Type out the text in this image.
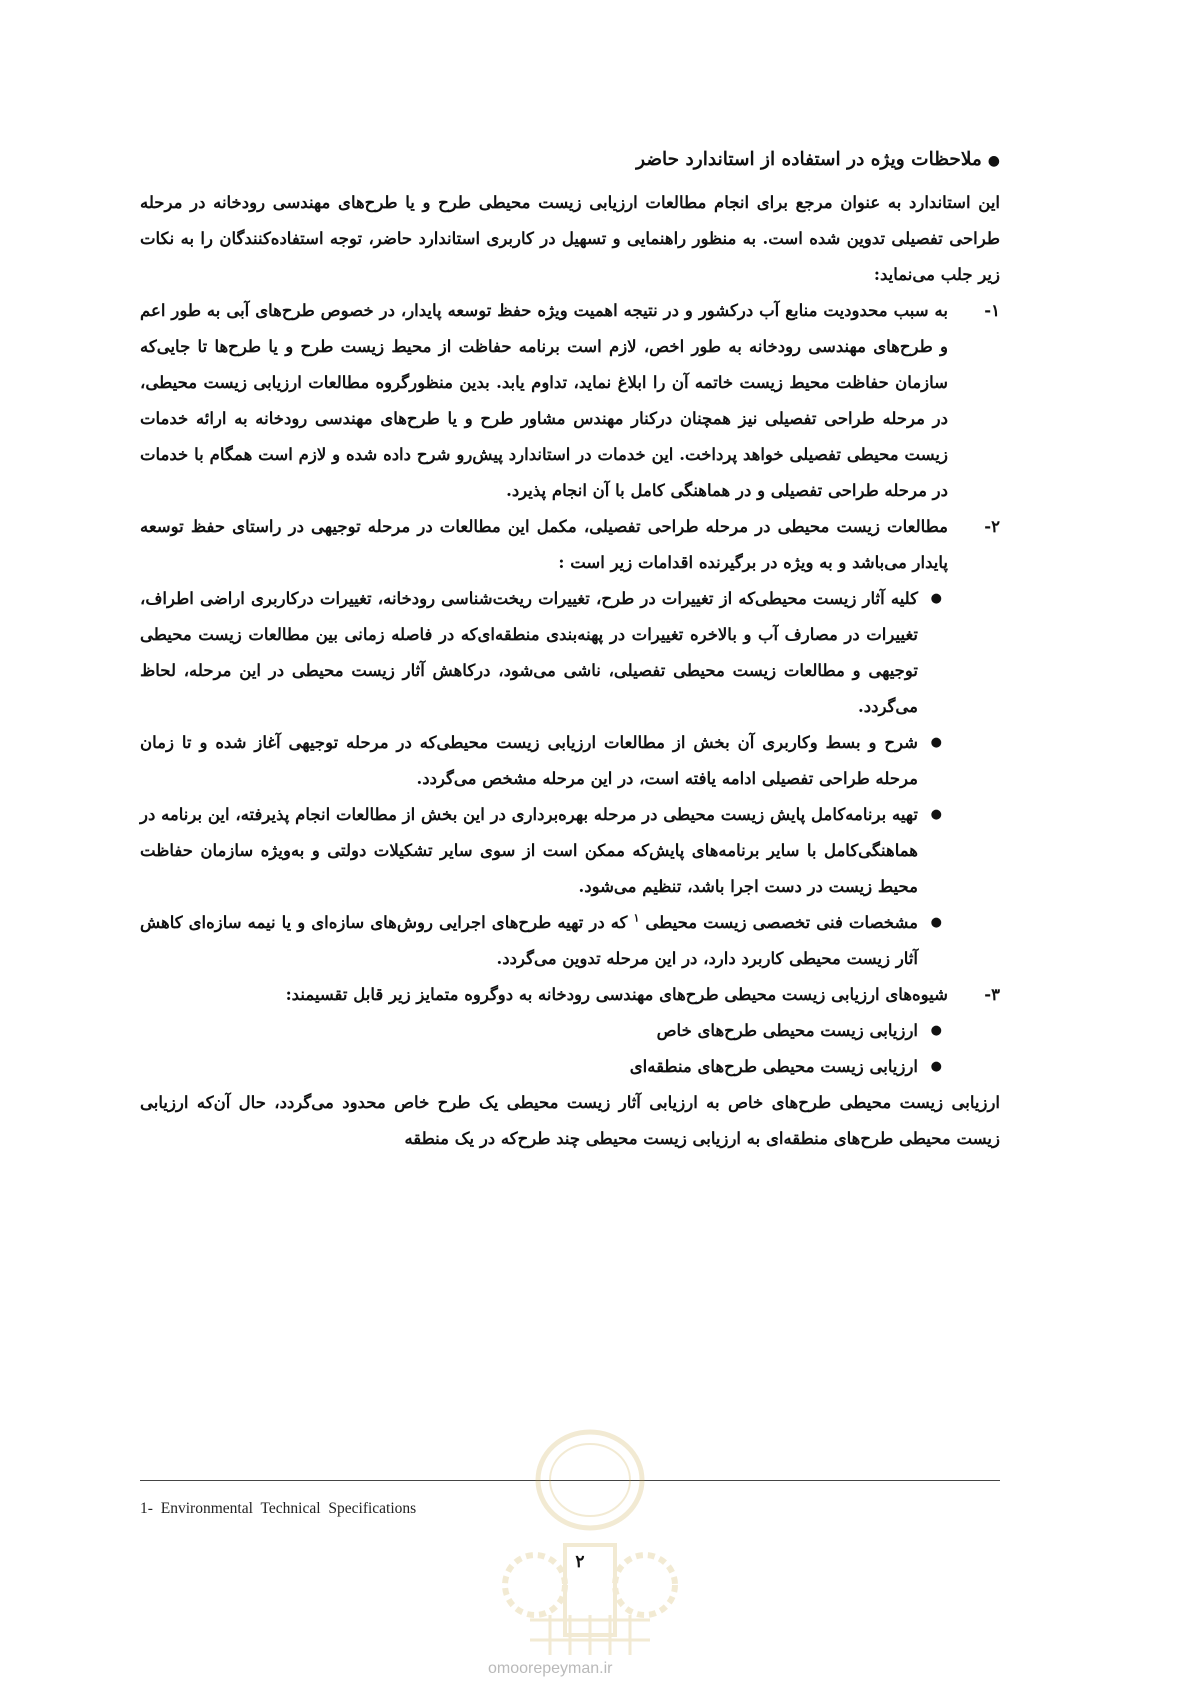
●ملاحظات ویژه در استفاده از استاندارد حاضر

این استاندارد به عنوان مرجع برای انجام مطالعات ارزیابی زیست محیطی طرح و یا طرح‌های مهندسی رودخانه در مرحله طراحی تفصیلی تدوین شده است. به منظور راهنمایی و تسهیل در کاربری استاندارد حاضر، توجه استفاده‌کنندگان را به نکات زیر جلب می‌نماید:

۱-

به سبب محدودیت منابع آب درکشور و در نتیجه اهمیت ویژه حفظ توسعه پایدار، در خصوص طرح‌های آبی به طور اعم و طرح‌های مهندسی رودخانه به طور اخص، لازم است برنامه حفاظت از محیط زیست طرح و یا طرح‌ها تا جایی‌که سازمان حفاظت محیط زیست خاتمه آن را ابلاغ نماید، تداوم یابد. بدین منظورگروه مطالعات ارزیابی زیست محیطی، در مرحله طراحی تفصیلی نیز همچنان درکنار مهندس مشاور طرح و یا طرح‌های مهندسی رودخانه به ارائه خدمات زیست محیطی تفصیلی خواهد پرداخت. این خدمات در استاندارد پیش‌رو شرح داده شده و لازم است همگام با خدمات در مرحله طراحی تفصیلی و در هماهنگی کامل با آن انجام پذیرد.

۲-

مطالعات زیست محیطی در مرحله طراحی تفصیلی، مکمل این مطالعات در مرحله توجیهی در راستای حفظ توسعه پایدار می‌باشد و به ویژه در برگیرنده اقدامات زیر است :

●
کلیه آثار زیست محیطی‌که از تغییرات در طرح، تغییرات ریخت‌شناسی رودخانه، تغییرات درکاربری اراضی اطراف، تغییرات در مصارف آب و بالاخره تغییرات در پهنه‌بندی منطقه‌ای‌که در فاصله زمانی بین مطالعات زیست محیطی توجیهی و مطالعات زیست محیطی تفصیلی، ناشی می‌شود، درکاهش آثار زیست محیطی در این مرحله، لحاظ می‌گردد.
●
شرح و بسط وکاربری آن بخش از مطالعات ارزیابی زیست محیطی‌که در مرحله توجیهی آغاز شده و تا زمان مرحله طراحی تفصیلی ادامه یافته است، در این مرحله مشخص می‌گردد.
●
تهیه برنامه‌کامل پایش زیست محیطی در مرحله بهره‌برداری در این بخش از مطالعات انجام پذیرفته، این برنامه در هماهنگی‌کامل با سایر برنامه‌های پایش‌که ممکن است از سوی سایر تشکیلات دولتی و به‌ویژه سازمان حفاظت محیط زیست در دست اجرا باشد، تنظیم می‌شود.
●
مشخصات فنی تخصصی زیست محیطی $^۱$ که در تهیه طرح‌های اجرایی روش‌های سازه‌ای و یا نیمه سازه‌ای کاهش آثار زیست محیطی کاربرد دارد، در این مرحله تدوین می‌گردد.
۳-

شیوه‌های ارزیابی زیست محیطی طرح‌های مهندسی رودخانه به دوگروه متمایز زیر قابل تقسیمند:

●
ارزیابی زیست محیطی طرح‌های خاص
●
ارزیابی زیست محیطی طرح‌های منطقه‌ای

ارزیابی زیست محیطی طرح‌های خاص به ارزیابی آثار زیست محیطی یک طرح خاص محدود می‌گردد، حال آن‌که ارزیابی زیست محیطی طرح‌های منطقه‌ای به ارزیابی زیست محیطی چند طرح‌که در یک منطقه

1- Environmental Technical Specifications
۲
omoorepeyman.ir
